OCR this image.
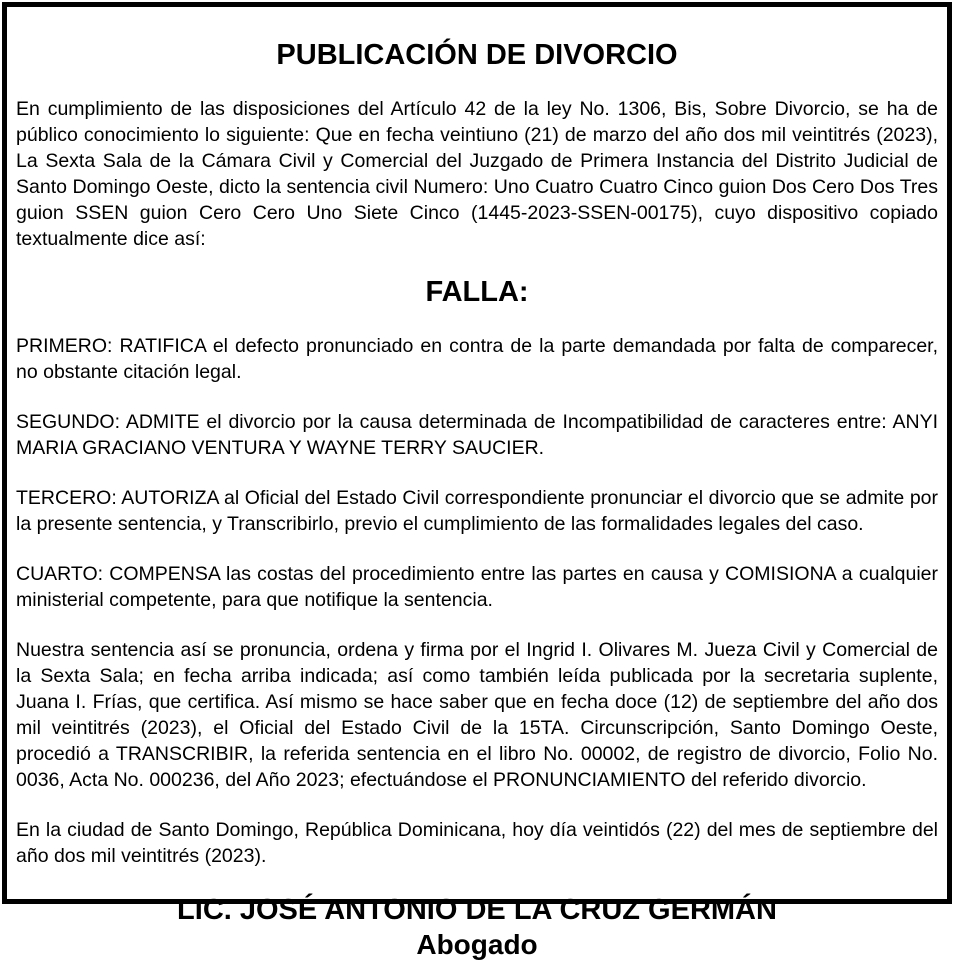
PUBLICACIÓN DE DIVORCIO

En cumplimiento de las disposiciones del Artículo 42 de la ley No. 1306, Bis, Sobre Divorcio, se ha de público conocimiento lo siguiente: Que en fecha veintiuno (21) de marzo del año dos mil veintitrés (2023), La Sexta Sala de la Cámara Civil y Comercial del Juzgado de Primera Instancia del Distrito Judicial de Santo Domingo Oeste, dicto la sentencia civil Numero: Uno Cuatro Cuatro Cinco guion Dos Cero Dos Tres guion SSEN guion Cero Cero Uno Siete Cinco (1445-2023-SSEN-00175), cuyo dispositivo copiado textualmente dice así:

FALLA:

PRIMERO: RATIFICA el defecto pronunciado en contra de la parte demandada por falta de comparecer, no obstante citación legal.

SEGUNDO: ADMITE el divorcio por la causa determinada de Incompatibilidad de caracteres entre: ANYI MARIA GRACIANO VENTURA Y WAYNE TERRY SAUCIER.

TERCERO: AUTORIZA al Oficial del Estado Civil correspondiente pronunciar el divorcio que se admite por la presente sentencia, y Transcribirlo, previo el cumplimiento de las formalidades legales del caso.

CUARTO: COMPENSA las costas del procedimiento entre las partes en causa y COMISIONA a cualquier ministerial competente, para que notifique la sentencia.

Nuestra sentencia así se pronuncia, ordena y firma por el Ingrid I. Olivares M. Jueza Civil y Comercial de la Sexta Sala; en fecha arriba indicada; así como también leída publicada por la secretaria suplente, Juana I. Frías, que certifica. Así mismo se hace saber que en fecha doce (12) de septiembre del año dos mil veintitrés (2023), el Oficial del Estado Civil de la 15TA. Circunscripción, Santo Domingo Oeste, procedió a TRANSCRIBIR, la referida sentencia en el libro No. 00002, de registro de divorcio, Folio No. 0036, Acta No. 000236, del Año 2023; efectuándose el PRONUNCIAMIENTO del referido divorcio.

En la ciudad de Santo Domingo, República Dominicana, hoy día veintidós (22) del mes de septiembre del año dos mil veintitrés (2023).

LIC. JOSÉ ANTONIO DE LA CRUZ GERMÁN
Abogado
